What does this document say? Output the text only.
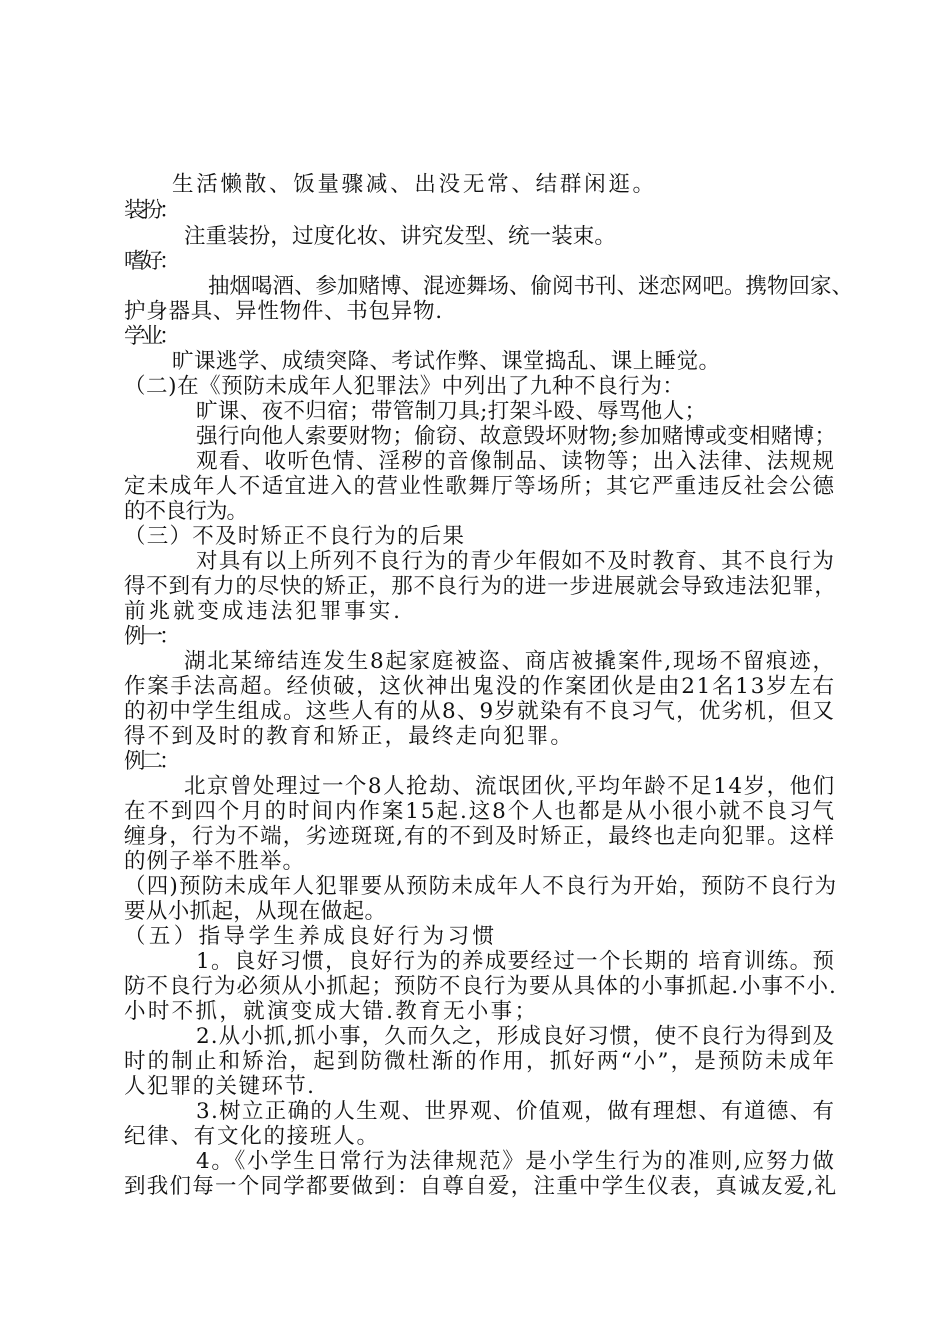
生活懒散、饭量骤减、出没无常、结群闲逛。
装扮：
注重装扮，过度化妆、讲究发型、统一装束。
嗜好：
抽烟喝酒、参加赌博、混迹舞场、偷阅书刊、迷恋网吧。携物回家、
护身器具、异性物件、书包异物.
学业：
旷课逃学、成绩突降、考试作弊、课堂捣乱、课上睡觉。
（二)在《预防未成年人犯罪法》中列出了九种不良行为：
旷课、夜不归宿；带管制刀具;打架斗殴、辱骂他人；
强行向他人索要财物；偷窃、故意毁坏财物;参加赌博或变相赌博；
观看、收听色情、淫秽的音像制品、读物等；出入法律、法规规
定未成年人不适宜进入的营业性歌舞厅等场所；其它严重违反社会公德
的不良行为。
（三）不及时矫正不良行为的后果
对具有以上所列不良行为的青少年假如不及时教育、其不良行为
得不到有力的尽快的矫正，那不良行为的进一步进展就会导致违法犯罪，
前兆就变成违法犯罪事实.
例一：
湖北某缔结连发生8起家庭被盗、商店被撬案件,现场不留痕迹，
作案手法高超。经侦破，这伙神出鬼没的作案团伙是由21名13岁左右
的初中学生组成。这些人有的从8、9岁就染有不良习气，优劣机，但又
得不到及时的教育和矫正，最终走向犯罪。
例二：
北京曾处理过一个8人抢劫、流氓团伙,平均年龄不足14岁，他们
在不到四个月的时间内作案15起.这8个人也都是从小很小就不良习气
缠身，行为不端，劣迹斑斑,有的不到及时矫正，最终也走向犯罪。这样
的例子举不胜举。
（四)预防未成年人犯罪要从预防未成年人不良行为开始，预防不良行为
要从小抓起，从现在做起。
（五）指导学生养成良好行为习惯
1。良好习惯，良好行为的养成要经过一个长期的 培育训练。预
防不良行为必须从小抓起；预防不良行为要从具体的小事抓起.小事不小.
小时不抓，就演变成大错.教育无小事；
2.从小抓,抓小事，久而久之，形成良好习惯，使不良行为得到及
时的制止和矫治，起到防微杜渐的作用，抓好两“小”，是预防未成年
人犯罪的关键环节.
3.树立正确的人生观、世界观、价值观，做有理想、有道德、有
纪律、有文化的接班人。
4。《小学生日常行为法律规范》是小学生行为的准则,应努力做
到我们每一个同学都要做到：自尊自爱，注重中学生仪表，真诚友爱,礼
